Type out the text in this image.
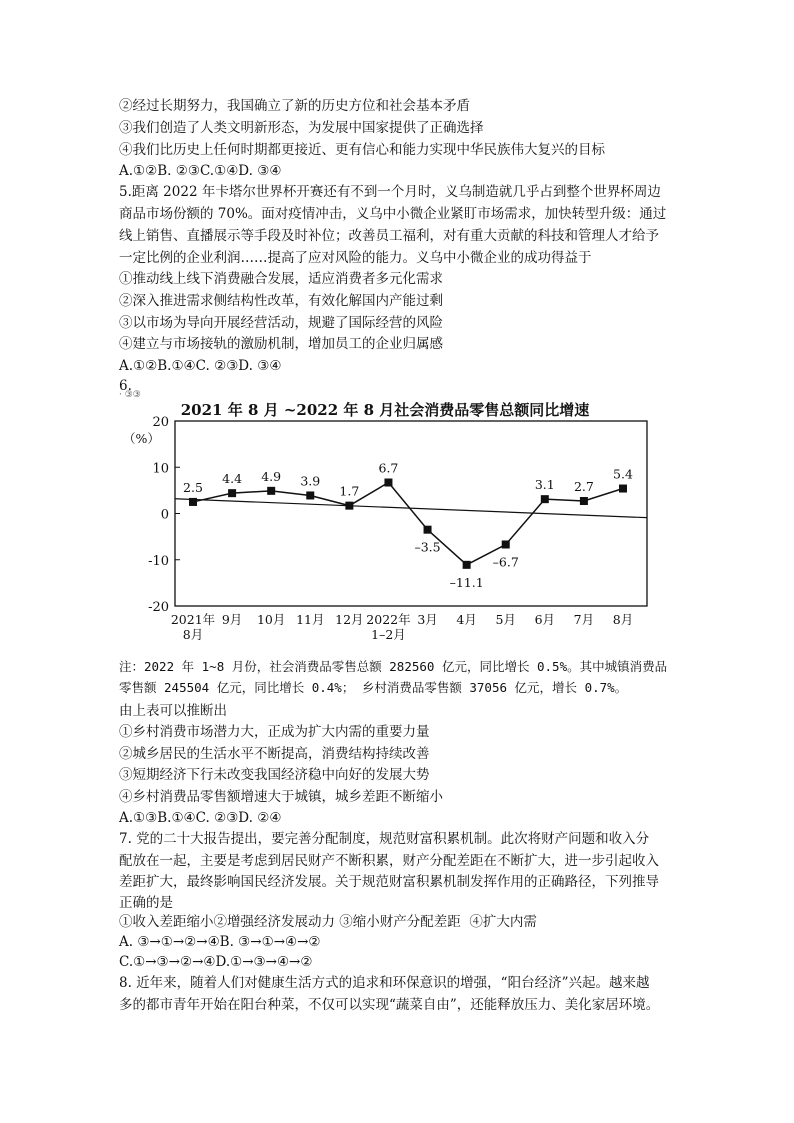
②经过长期努力，我国确立了新的历史方位和社会基本矛盾
③我们创造了人类文明新形态，为发展中国家提供了正确选择
④我们比历史上任何时期都更接近、更有信心和能力实现中华民族伟大复兴的目标
A.①②B. ②③C.①④D. ③④
5.距离 2022 年卡塔尔世界杯开赛还有不到一个月时，义乌制造就几乎占到整个世界杯周边
商品市场份额的 70%。面对疫情冲击，义乌中小微企业紧盯市场需求，加快转型升级：通过
线上销售、直播展示等手段及时补位；改善员工福利，对有重大贡献的科技和管理人才给予
一定比例的企业利润……提高了应对风险的能力。义乌中小微企业的成功得益于
①推动线上线下消费融合发展，适应消费者多元化需求
②深入推进需求侧结构性改革，有效化解国内产能过剩
③以市场为导向开展经营活动，规避了国际经营的风险
④建立与市场接轨的激励机制，增加员工的企业归属感
A.①②B.①④C. ②③D. ③④
6.
· ③③
2021 年 8 月 ~2022 年 8 月社会消费品零售总额同比增速
（%）
20
10
0
-10
-20
2.5
4.4 4.9 3.9
1.7
6.7
–3.5
–11.1
–6.7
3.1 2.7
5.4
2021年
8月
9月 10月 11月 12月 2022年
1–2月
3月 4月 5月 6月 7月 8月
注：2022 年 1~8 月份，社会消费品零售总额 282560 亿元，同比增长 0.5%。其中城镇消费品
零售额 245504 亿元，同比增长 0.4%； 乡村消费品零售额 37056 亿元，增长 0.7%。
由上表可以推断出
①乡村消费市场潜力大，正成为扩大内需的重要力量
②城乡居民的生活水平不断提高，消费结构持续改善
③短期经济下行未改变我国经济稳中向好的发展大势
④乡村消费品零售额增速大于城镇，城乡差距不断缩小
A.①③B.①④C. ②③D. ②④
7. 党的二十大报告提出，要完善分配制度，规范财富积累机制。此次将财产问题和收入分
配放在一起，主要是考虑到居民财产不断积累，财产分配差距在不断扩大，进一步引起收入
差距扩大，最终影响国民经济发展。关于规范财富积累机制发挥作用的正确路径，下列推导
正确的是
①收入差距缩小②增强经济发展动力 ③缩小财产分配差距  ④扩大内需
A. ③→①→②→④B. ③→①→④→②
C.①→③→②→④D.①→③→④→②
8. 近年来，随着人们对健康生活方式的追求和环保意识的增强，“阳台经济”兴起。越来越
多的都市青年开始在阳台种菜，不仅可以实现“蔬菜自由”，还能释放压力、美化家居环境。
